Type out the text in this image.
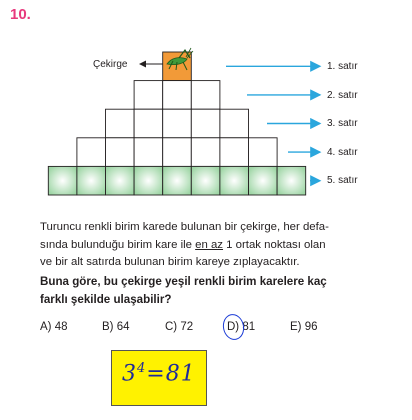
10.
Çekirge	1. satır
2. satır
3. satır
4. satır
5. satır
Turuncu renkli birim karede bulunan bir çekirge, her defa-
sında bulunduğu birim kare ile en az 1 ortak noktası olan
ve bir alt satırda bulunan birim kareye zıplayacaktır.
Buna göre, bu çekirge yeşil renkli birim karelere kaç
farklı şekilde ulaşabilir?
A) 48	B) 64	C) 72	D) 81	E) 96
$3^4=81$
